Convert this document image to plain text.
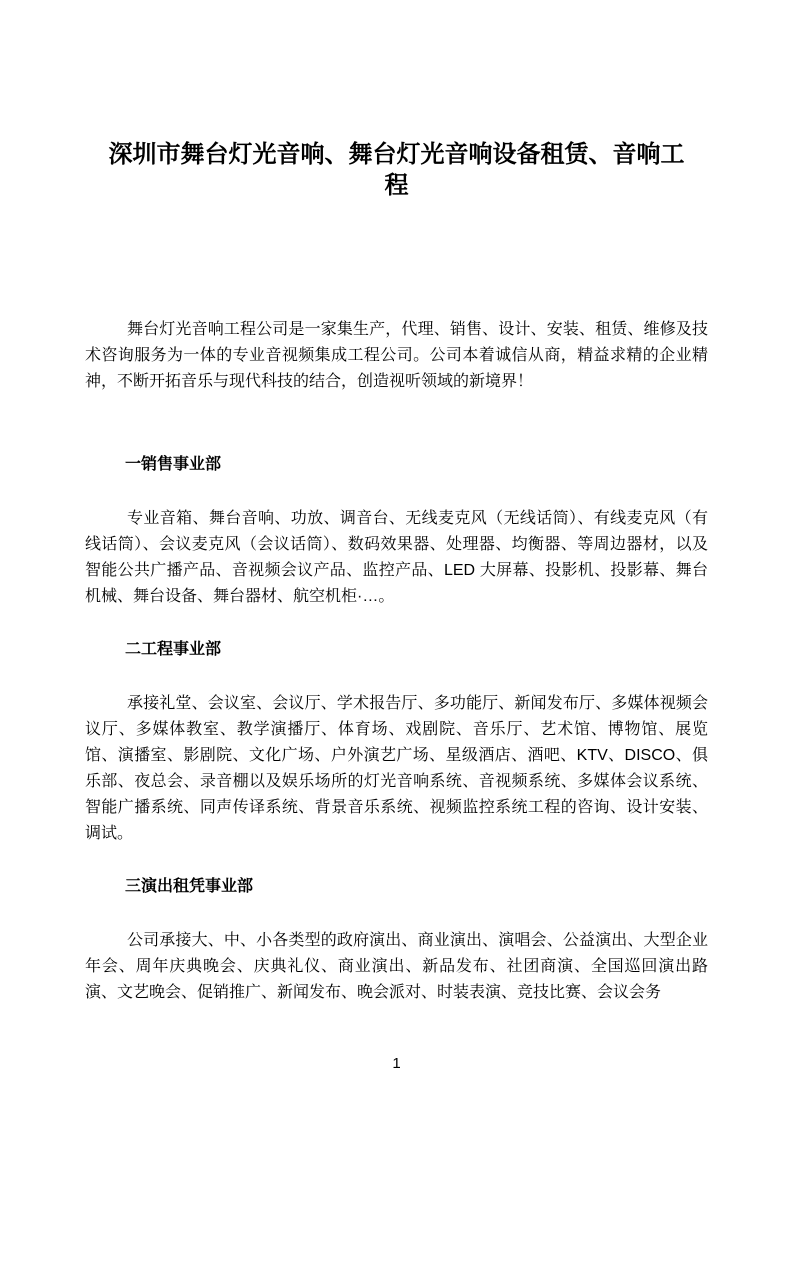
深圳市舞台灯光音响、舞台灯光音响设备租赁、音响工程

舞台灯光音响工程公司是一家集生产，代理、销售、设计、安装、租赁、维修及技术咨询服务为一体的专业音视频集成工程公司。公司本着诚信从商，精益求精的企业精神，不断开拓音乐与现代科技的结合，创造视听领域的新境界！

一销售事业部

专业音箱、舞台音响、功放、调音台、无线麦克风（无线话筒）、有线麦克风（有线话筒）、会议麦克风（会议话筒）、数码效果器、处理器、均衡器、等周边器材，以及智能公共广播产品、音视频会议产品、监控产品、LED 大屏幕、投影机、投影幕、舞台机械、舞台设备、舞台器材、航空机柜·…。

二工程事业部

承接礼堂、会议室、会议厅、学术报告厅、多功能厅、新闻发布厅、多媒体视频会议厅、多媒体教室、教学演播厅、体育场、戏剧院、音乐厅、艺术馆、博物馆、展览馆、演播室、影剧院、文化广场、户外演艺广场、星级酒店、酒吧、KTV、DISCO、俱乐部、夜总会、录音棚以及娱乐场所的灯光音响系统、音视频系统、多媒体会议系统、智能广播系统、同声传译系统、背景音乐系统、视频监控系统工程的咨询、设计安装、调试。

三演出租凭事业部

公司承接大、中、小各类型的政府演出、商业演出、演唱会、公益演出、大型企业年会、周年庆典晚会、庆典礼仪、商业演出、新品发布、社团商演、全国巡回演出路演、文艺晚会、促销推广、新闻发布、晚会派对、时装表演、竞技比赛、会议会务

1
